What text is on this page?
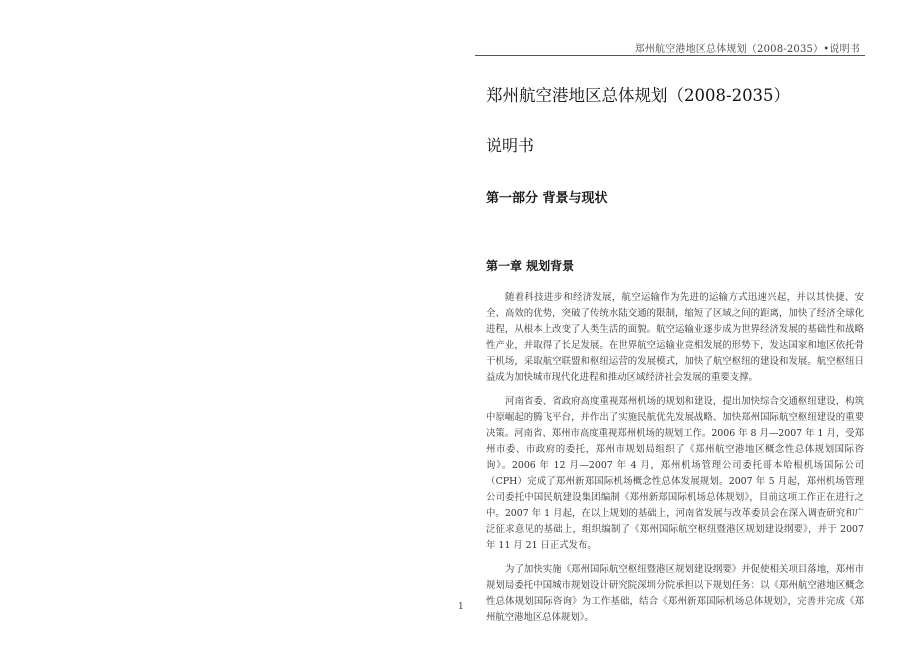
郑州航空港地区总体规划（2008-2035）•说明书
郑州航空港地区总体规划（2008-2035）
说明书
第一部分 背景与现状
第一章 规划背景

随着科技进步和经济发展，航空运输作为先进的运输方式迅速兴起，并以其快捷、安全、高效的优势，突破了传统水陆交通的限制，缩短了区域之间的距离，加快了经济全球化进程，从根本上改变了人类生活的面貌。航空运输业逐步成为世界经济发展的基础性和战略性产业，并取得了长足发展。在世界航空运输业竞相发展的形势下，发达国家和地区依托骨干机场，采取航空联盟和枢纽运营的发展模式，加快了航空枢纽的建设和发展。航空枢纽日益成为加快城市现代化进程和推动区域经济社会发展的重要支撑。

河南省委、省政府高度重视郑州机场的规划和建设，提出加快综合交通枢纽建设，构筑中原崛起的腾飞平台，并作出了实施民航优先发展战略、加快郑州国际航空枢纽建设的重要决策。河南省、郑州市高度重视郑州机场的规划工作。2006 年 8 月—2007 年 1 月，受郑州市委、市政府的委托，郑州市规划局组织了《郑州航空港地区概念性总体规划国际咨询》。2006 年 12 月—2007 年 4 月，郑州机场管理公司委托哥本哈根机场国际公司（CPH）完成了郑州新郑国际机场概念性总体发展规划。2007 年 5 月起，郑州机场管理公司委托中国民航建设集团编制《郑州新郑国际机场总体规划》，目前这项工作正在进行之中。2007 年 1 月起，在以上规划的基础上，河南省发展与改革委员会在深入调查研究和广泛征求意见的基础上，组织编制了《郑州国际航空枢纽暨港区规划建设纲要》，并于 2007 年 11 月 21 日正式发布。

为了加快实施《郑州国际航空枢纽暨港区规划建设纲要》并促使相关项目落地，郑州市规划局委托中国城市规划设计研究院深圳分院承担以下规划任务：以《郑州航空港地区概念性总体规划国际咨询》为工作基础，结合《郑州新郑国际机场总体规划》，完善并完成《郑州航空港地区总体规划》。

1
